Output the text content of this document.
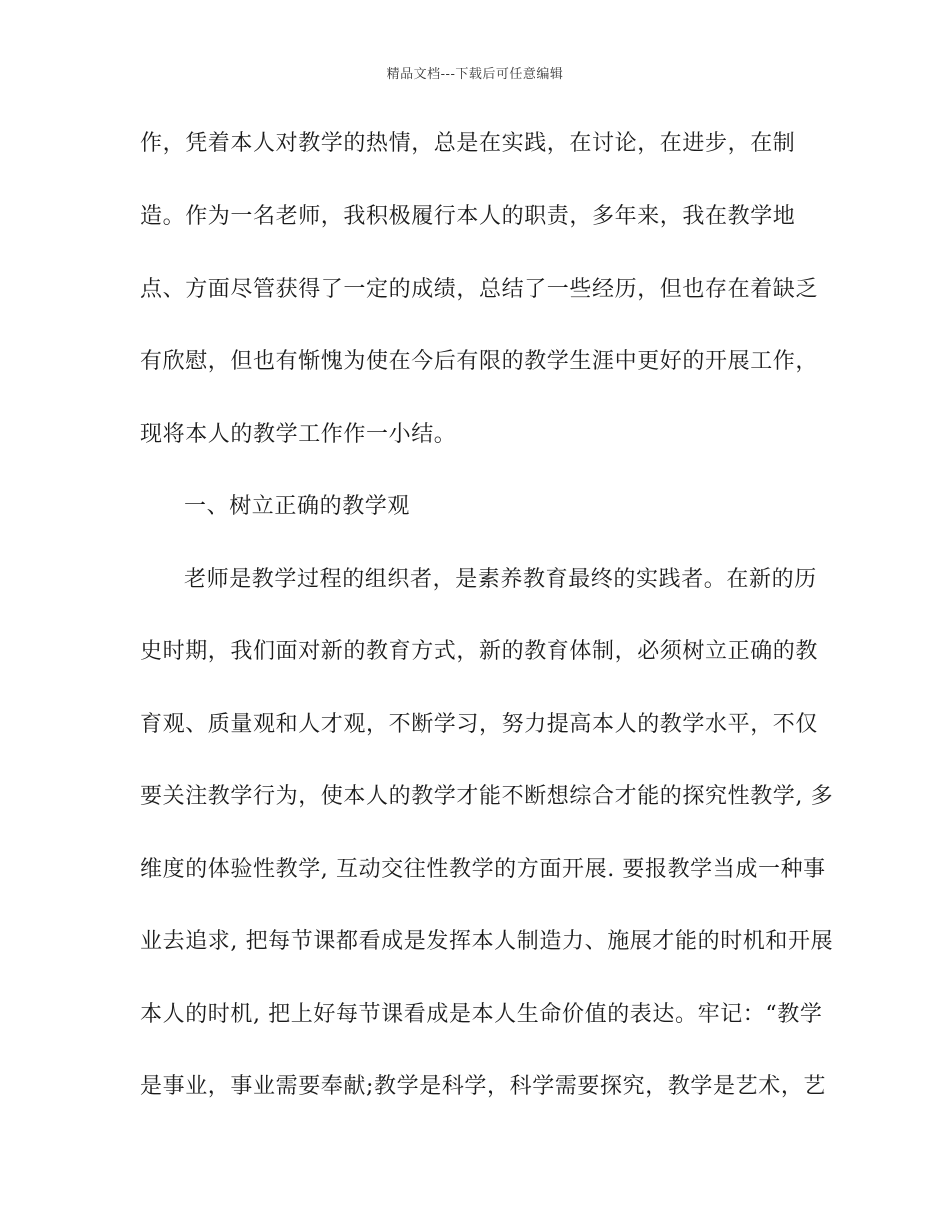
精品文档---下载后可任意编辑
作，凭着本人对教学的热情，总是在实践，在讨论，在进步，在制
造。作为一名老师，我积极履行本人的职责，多年来，我在教学地
点、方面尽管获得了一定的成绩，总结了一些经历，但也存在着缺乏
有欣慰，但也有惭愧为使在今后有限的教学生涯中更好的开展工作，
现将本人的教学工作作一小结。
一、树立正确的教学观
老师是教学过程的组织者，是素养教育最终的实践者。在新的历
史时期，我们面对新的教育方式，新的教育体制，必须树立正确的教
育观、质量观和人才观，不断学习，努力提高本人的教学水平，不仅
要关注教学行为，使本人的教学才能不断想综合才能的探究性教学, 多
维度的体验性教学, 互动交往性教学的方面开展. 要报教学当成一种事
业去追求, 把每节课都看成是发挥本人制造力、施展才能的时机和开展
本人的时机, 把上好每节课看成是本人生命价值的表达。牢记：“教学
是事业，事业需要奉献;教学是科学，科学需要探究，教学是艺术，艺
